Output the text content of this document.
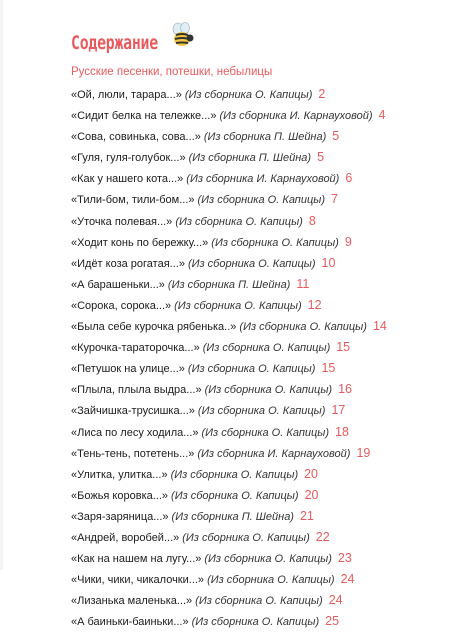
Содержание
Русские песенки, потешки, небылицы
«Ой, люли, тарара...» (Из сборника О. Капицы) 2
«Сидит белка на тележке...» (Из сборника И. Карнауховой) 4
«Сова, совинька, сова...» (Из сборника П. Шейна) 5
«Гуля, гуля-голубок...» (Из сборника П. Шейна) 5
«Как у нашего кота...» (Из сборника И. Карнауховой) 6
«Тили-бом, тили-бом...» (Из сборника О. Капицы) 7
«Уточка полевая...» (Из сборника О. Капицы) 8
«Ходит конь по бережку...» (Из сборника О. Капицы) 9
«Идёт коза рогатая...» (Из сборника О. Капицы) 10
«А барашеньки...» (Из сборника П. Шейна) 11
«Сорока, сорока...» (Из сборника О. Капицы) 12
«Была себе курочка рябенька..» (Из сборника О. Капицы) 14
«Курочка-тараторочка...» (Из сборника О. Капицы) 15
«Петушок на улице...» (Из сборника О. Капицы) 15
«Плыла, плыла выдра...» (Из сборника О. Капицы) 16
«Зайчишка-трусишка...» (Из сборника О. Капицы) 17
«Лиса по лесу ходила...» (Из сборника О. Капицы) 18
«Тень-тень, потетень...» (Из сборника И. Карнауховой) 19
«Улитка, улитка...» (Из сборника О. Капицы) 20
«Божья коровка...» (Из сборника О. Капицы) 20
«Заря-заряница...» (Из сборника П. Шейна) 21
«Андрей, воробей...» (Из сборника О. Капицы) 22
«Как на нашем на лугу...» (Из сборника О. Капицы) 23
«Чики, чики, чикалочки...» (Из сборника О. Капицы) 24
«Лизанька маленька...» (Из сборника О. Капицы) 24
«А баиньки-баиньки...» (Из сборника О. Капицы) 25
